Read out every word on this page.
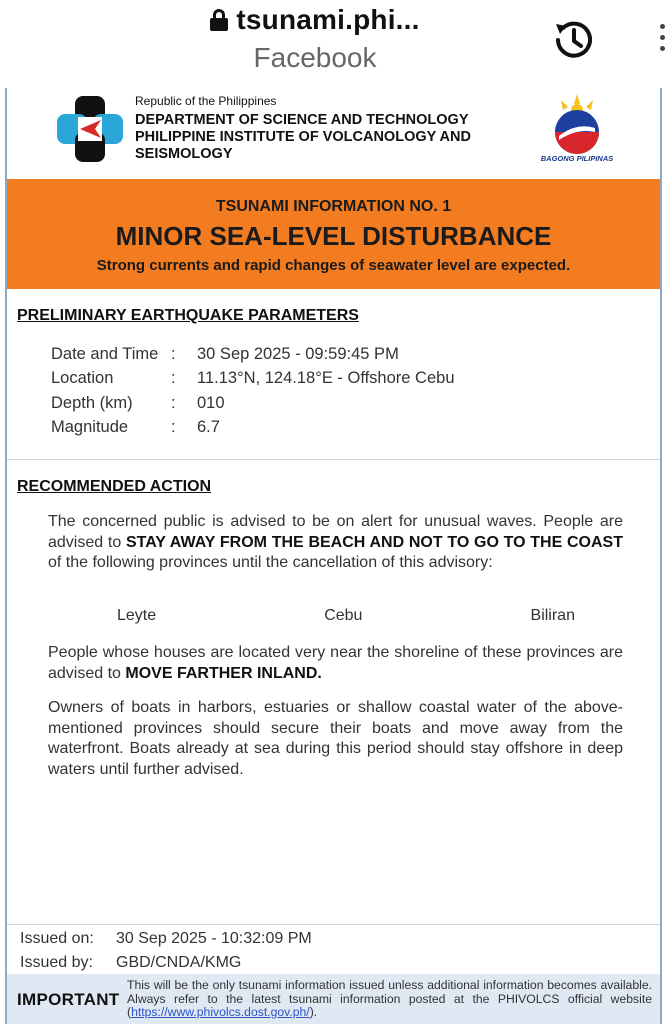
tsunami.phi...
Facebook
Republic of the Philippines
DEPARTMENT OF SCIENCE AND TECHNOLOGY
PHILIPPINE INSTITUTE OF VOLCANOLOGY AND
SEISMOLOGY	BAGONG PILIPINAS
TSUNAMI INFORMATION NO. 1
MINOR SEA-LEVEL DISTURBANCE
Strong currents and rapid changes of seawater level are expected.
PRELIMINARY EARTHQUAKE PARAMETERS
Date and Time :	30 Sep 2025 - 09:59:45 PM
Location	:	11.13°N, 124.18°E - Offshore Cebu
Depth (km)	:	010
Magnitude	:	6.7
RECOMMENDED ACTION
The concerned public is advised to be on alert for unusual waves. People are advised to STAY AWAY FROM THE BEACH AND NOT TO GO TO THE COAST of the following provinces until the cancellation of this advisory:
Leyte	Cebu	Biliran
People whose houses are located very near the shoreline of these provinces are advised to MOVE FARTHER INLAND.
Owners of boats in harbors, estuaries or shallow coastal water of the above-mentioned provinces should secure their boats and move away from the waterfront. Boats already at sea during this period should stay offshore in deep waters until further advised.
Issued on:	30 Sep 2025 - 10:32:09 PM
Issued by:	GBD/CNDA/KMG
IMPORTANT
This will be the only tsunami information issued unless additional information becomes available. Always refer to the latest tsunami information posted at the PHIVOLCS official website (https://www.phivolcs.dost.gov.ph/).
